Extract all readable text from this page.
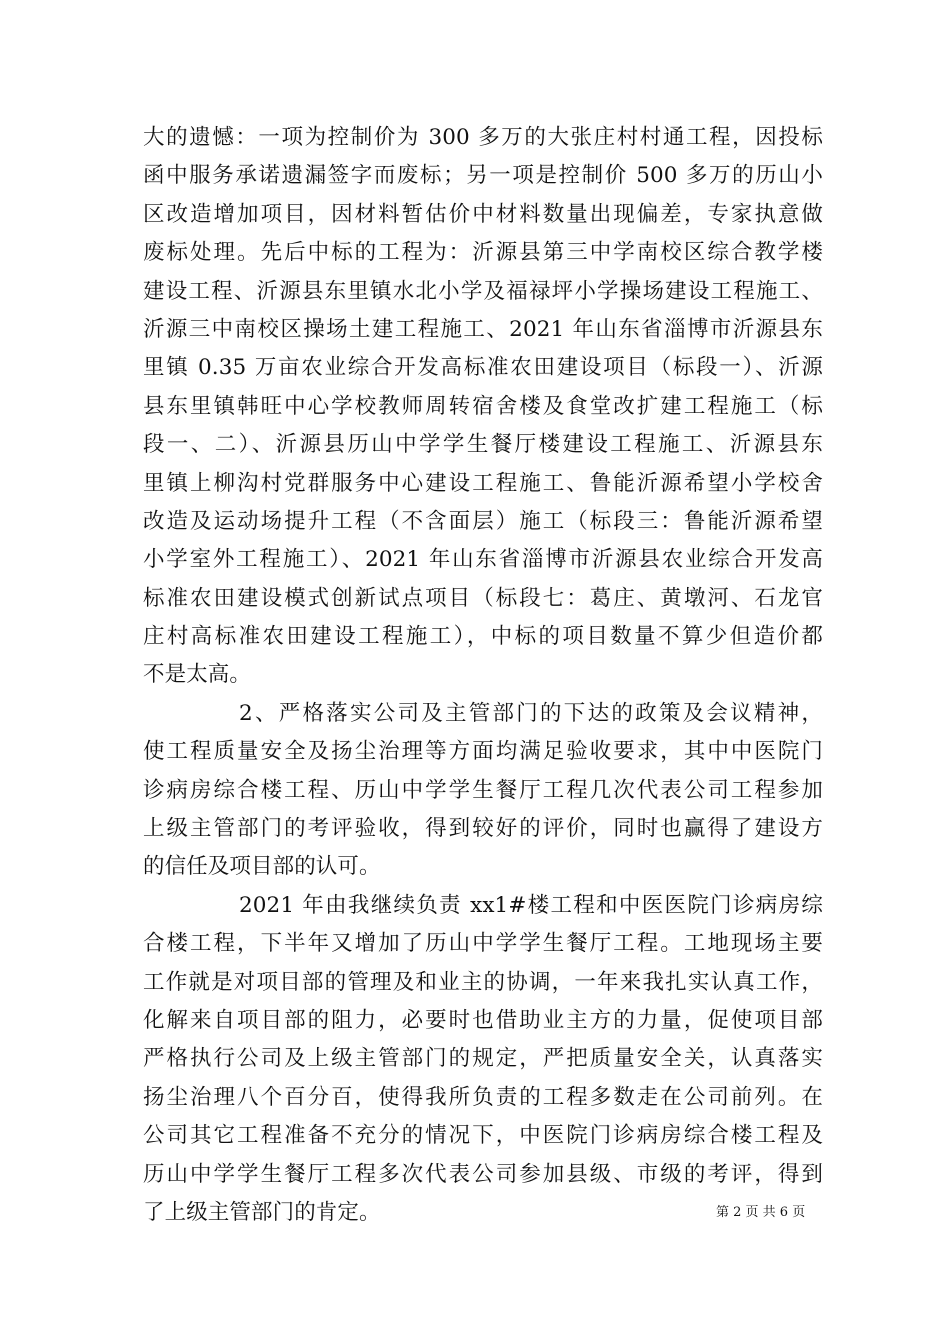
大的遗憾：一项为控制价为 300 多万的大张庄村村通工程，因投标
函中服务承诺遗漏签字而废标；另一项是控制价 500 多万的历山小
区改造增加项目，因材料暂估价中材料数量出现偏差，专家执意做
废标处理。先后中标的工程为：沂源县第三中学南校区综合教学楼
建设工程、沂源县东里镇水北小学及福禄坪小学操场建设工程施工、
沂源三中南校区操场土建工程施工、2021 年山东省淄博市沂源县东
里镇 0.35 万亩农业综合开发高标准农田建设项目（标段一）、沂源
县东里镇韩旺中心学校教师周转宿舍楼及食堂改扩建工程施工（标
段一、二）、沂源县历山中学学生餐厅楼建设工程施工、沂源县东
里镇上柳沟村党群服务中心建设工程施工、鲁能沂源希望小学校舍
改造及运动场提升工程（不含面层）施工（标段三：鲁能沂源希望
小学室外工程施工）、2021 年山东省淄博市沂源县农业综合开发高
标准农田建设模式创新试点项目（标段七：葛庄、黄墩河、石龙官
庄村高标准农田建设工程施工），中标的项目数量不算少但造价都
不是太高。
2、严格落实公司及主管部门的下达的政策及会议精神，
使工程质量安全及扬尘治理等方面均满足验收要求，其中中医院门
诊病房综合楼工程、历山中学学生餐厅工程几次代表公司工程参加
上级主管部门的考评验收，得到较好的评价，同时也赢得了建设方
的信任及项目部的认可。
2021 年由我继续负责 xx1#楼工程和中医医院门诊病房综
合楼工程，下半年又增加了历山中学学生餐厅工程。工地现场主要
工作就是对项目部的管理及和业主的协调，一年来我扎实认真工作，
化解来自项目部的阻力，必要时也借助业主方的力量，促使项目部
严格执行公司及上级主管部门的规定，严把质量安全关，认真落实
扬尘治理八个百分百，使得我所负责的工程多数走在公司前列。在
公司其它工程准备不充分的情况下，中医院门诊病房综合楼工程及
历山中学学生餐厅工程多次代表公司参加县级、市级的考评，得到
了上级主管部门的肯定。	第 2 页 共 6 页
